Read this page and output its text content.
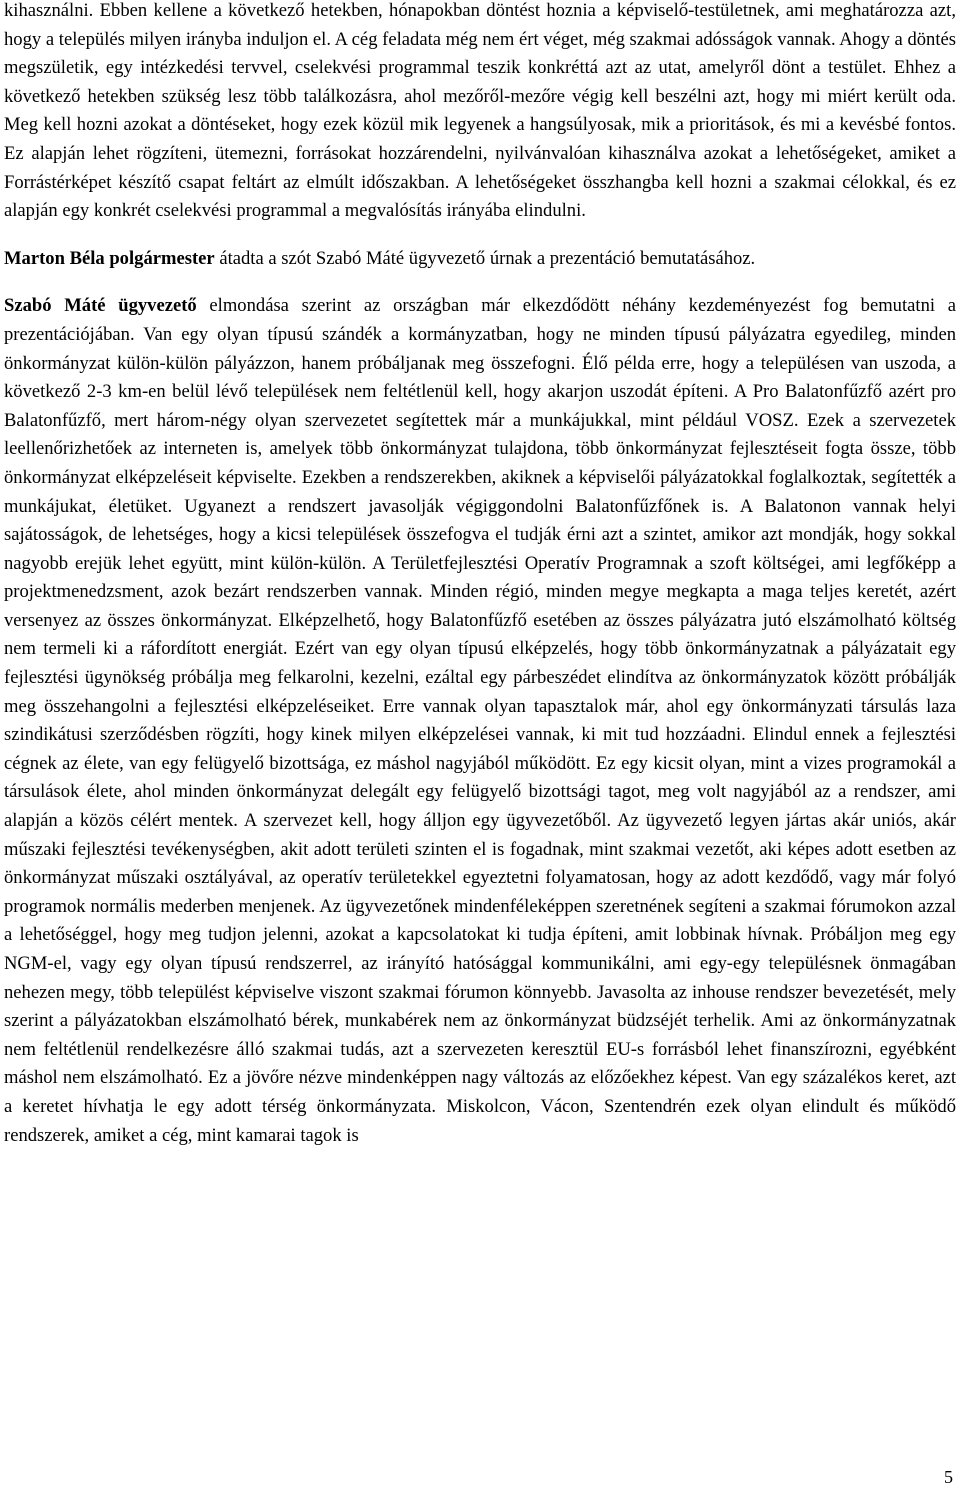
kihasználni. Ebben kellene a következő hetekben, hónapokban döntést hoznia a képviselő-testületnek, ami meghatározza azt, hogy a település milyen irányba induljon el. A cég feladata még nem ért véget, még szakmai adósságok vannak. Ahogy a döntés megszületik, egy intézkedési tervvel, cselekvési programmal teszik konkréttá azt az utat, amelyről dönt a testület. Ehhez a következő hetekben szükség lesz több találkozásra, ahol mezőről-mezőre végig kell beszélni azt, hogy mi miért került oda. Meg kell hozni azokat a döntéseket, hogy ezek közül mik legyenek a hangsúlyosak, mik a prioritások, és mi a kevésbé fontos. Ez alapján lehet rögzíteni, ütemezni, forrásokat hozzárendelni, nyilvánvalóan kihasználva azokat a lehetőségeket, amiket a Forrástérképet készítő csapat feltárt az elmúlt időszakban. A lehetőségeket összhangba kell hozni a szakmai célokkal, és ez alapján egy konkrét cselekvési programmal a megvalósítás irányába elindulni.

Marton Béla polgármester átadta a szót Szabó Máté ügyvezető úrnak a prezentáció bemutatásához.

Szabó Máté ügyvezető elmondása szerint az országban már elkezdődött néhány kezdeményezést fog bemutatni a prezentációjában. Van egy olyan típusú szándék a kormányzatban, hogy ne minden típusú pályázatra egyedileg, minden önkormányzat külön-külön pályázzon, hanem próbáljanak meg összefogni. Élő példa erre, hogy a településen van uszoda, a következő 2-3 km-en belül lévő települések nem feltétlenül kell, hogy akarjon uszodát építeni. A Pro Balatonfűzfő azért pro Balatonfűzfő, mert három-négy olyan szervezetet segítettek már a munkájukkal, mint például VOSZ. Ezek a szervezetek leellenőrizhetőek az interneten is, amelyek több önkormányzat tulajdona, több önkormányzat fejlesztéseit fogta össze, több önkormányzat elképzeléseit képviselte. Ezekben a rendszerekben, akiknek a képviselői pályázatokkal foglalkoztak, segítették a munkájukat, életüket. Ugyanezt a rendszert javasolják végiggondolni Balatonfűzfőnek is. A Balatonon vannak helyi sajátosságok, de lehetséges, hogy a kicsi települések összefogva el tudják érni azt a szintet, amikor azt mondják, hogy sokkal nagyobb erejük lehet együtt, mint külön-külön. A Területfejlesztési Operatív Programnak a szoft költségei, ami legfőképp a projektmenedzsment, azok bezárt rendszerben vannak. Minden régió, minden megye megkapta a maga teljes keretét, azért versenyez az összes önkormányzat. Elképzelhető, hogy Balatonfűzfő esetében az összes pályázatra jutó elszámolható költség nem termeli ki a ráfordított energiát. Ezért van egy olyan típusú elképzelés, hogy több önkormányzatnak a pályázatait egy fejlesztési ügynökség próbálja meg felkarolni, kezelni, ezáltal egy párbeszédet elindítva az önkormányzatok között próbálják meg összehangolni a fejlesztési elképzeléseiket. Erre vannak olyan tapasztalok már, ahol egy önkormányzati társulás laza szindikátusi szerződésben rögzíti, hogy kinek milyen elképzelései vannak, ki mit tud hozzáadni. Elindul ennek a fejlesztési cégnek az élete, van egy felügyelő bizottsága, ez máshol nagyjából működött. Ez egy kicsit olyan, mint a vizes programokál a társulások élete, ahol minden önkormányzat delegált egy felügyelő bizottsági tagot, meg volt nagyjából az a rendszer, ami alapján a közös célért mentek. A szervezet kell, hogy álljon egy ügyvezetőből. Az ügyvezető legyen jártas akár uniós, akár műszaki fejlesztési tevékenységben, akit adott területi szinten el is fogadnak, mint szakmai vezetőt, aki képes adott esetben az önkormányzat műszaki osztályával, az operatív területekkel egyeztetni folyamatosan, hogy az adott kezdődő, vagy már folyó programok normális mederben menjenek. Az ügyvezetőnek mindenféleképpen szeretnének segíteni a szakmai fórumokon azzal a lehetőséggel, hogy meg tudjon jelenni, azokat a kapcsolatokat ki tudja építeni, amit lobbinak hívnak. Próbáljon meg egy NGM-el, vagy egy olyan típusú rendszerrel, az irányító hatósággal kommunikálni, ami egy-egy településnek önmagában nehezen megy, több települést képviselve viszont szakmai fórumon könnyebb. Javasolta az inhouse rendszer bevezetését, mely szerint a pályázatokban elszámolható bérek, munkabérek nem az önkormányzat büdzséjét terhelik. Ami az önkormányzatnak nem feltétlenül rendelkezésre álló szakmai tudás, azt a szervezeten keresztül EU-s forrásból lehet finanszírozni, egyébként máshol nem elszámolható. Ez a jövőre nézve mindenképpen nagy változás az előzőekhez képest. Van egy százalékos keret, azt a keretet hívhatja le egy adott térség önkormányzata. Miskolcon, Vácon, Szentendrén ezek olyan elindult és működő rendszerek, amiket a cég, mint kamarai tagok is

5
